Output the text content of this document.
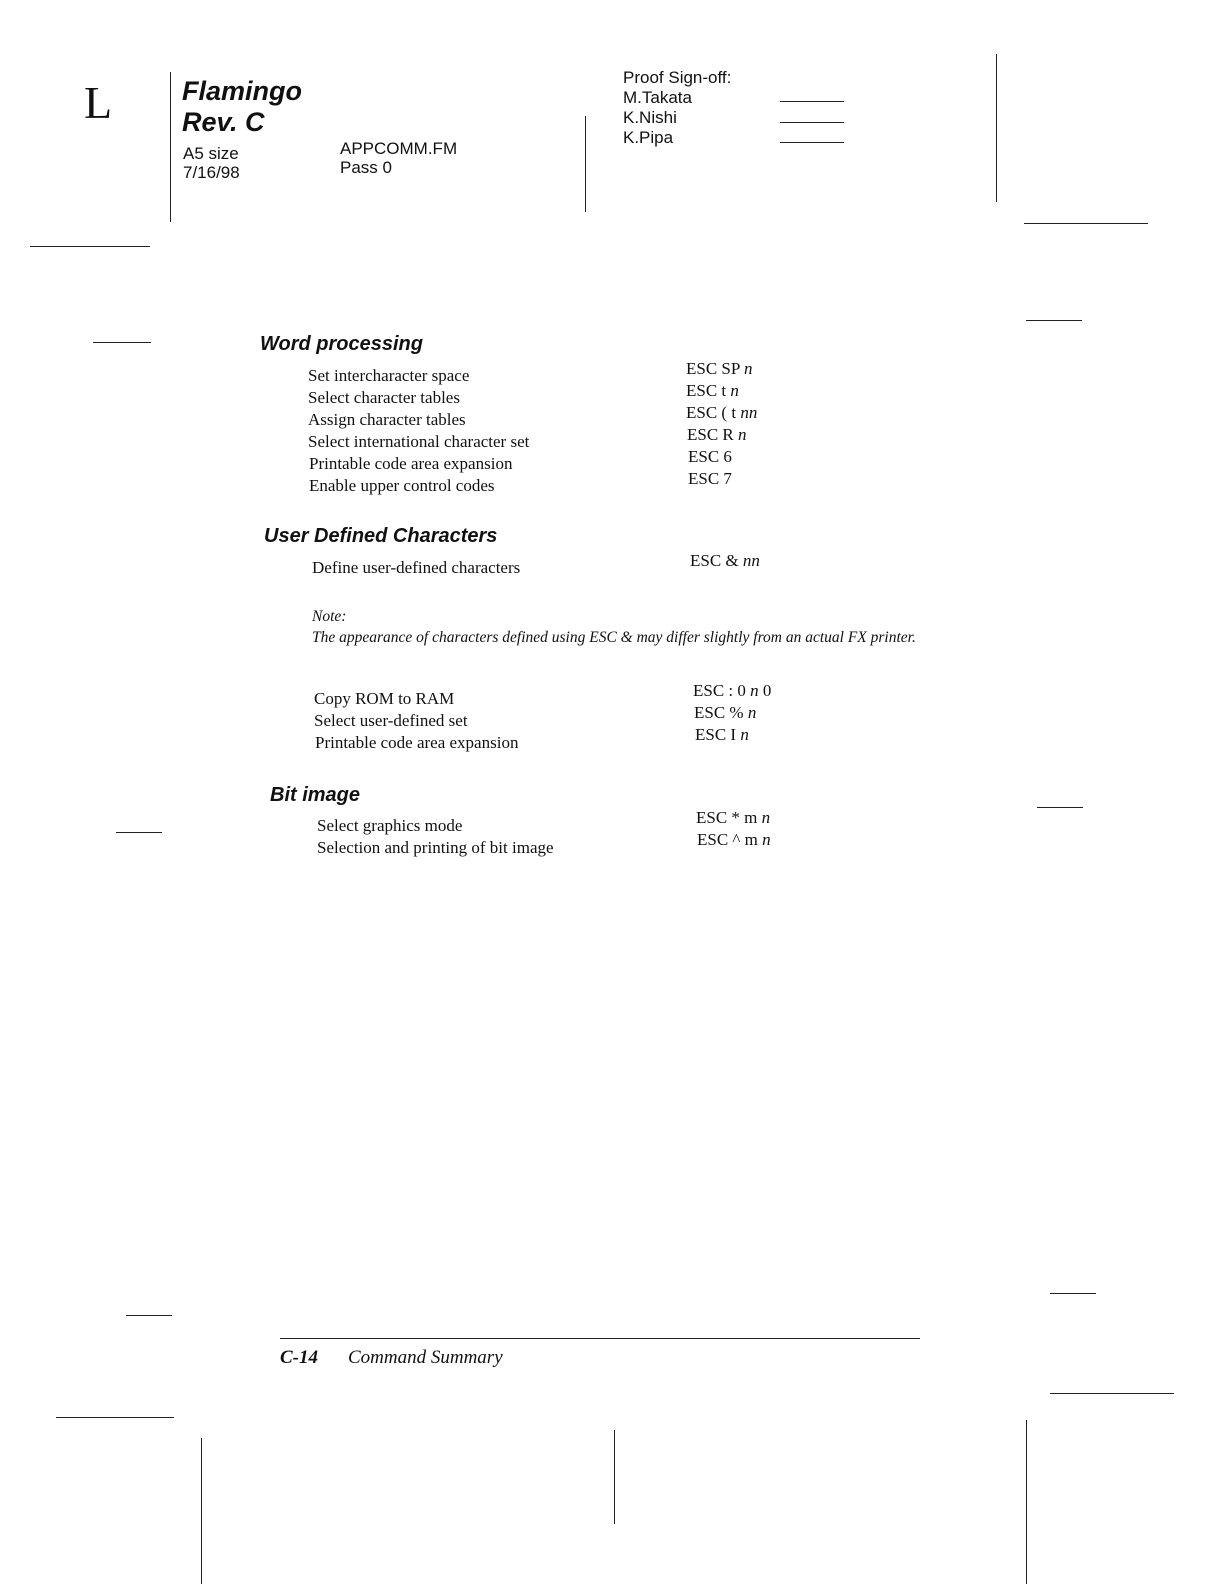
L	Flamingo
Rev. C
A5 size
7/16/98
APPCOMM.FM
Pass 0
Proof Sign-off:
M.Takata
K.Nishi
K.Pipa
Word processing
Set intercharacter space	ESC SP n
Select character tables	ESC t n
Assign character tables	ESC ( t nn
Select international character set	ESC R n
Printable code area expansion	ESC 6
Enable upper control codes	ESC 7
User Defined Characters
Define user-defined characters	ESC & nn
Note:
The appearance of characters defined using ESC & may differ slightly from an actual FX printer.
Copy ROM to RAM	ESC : 0 n 0
Select user-defined set	ESC % n
Printable code area expansion	ESC I n
Bit image
Select graphics mode	ESC * m n
Selection and printing of bit image	ESC ^ m n
C-14 Command Summary
